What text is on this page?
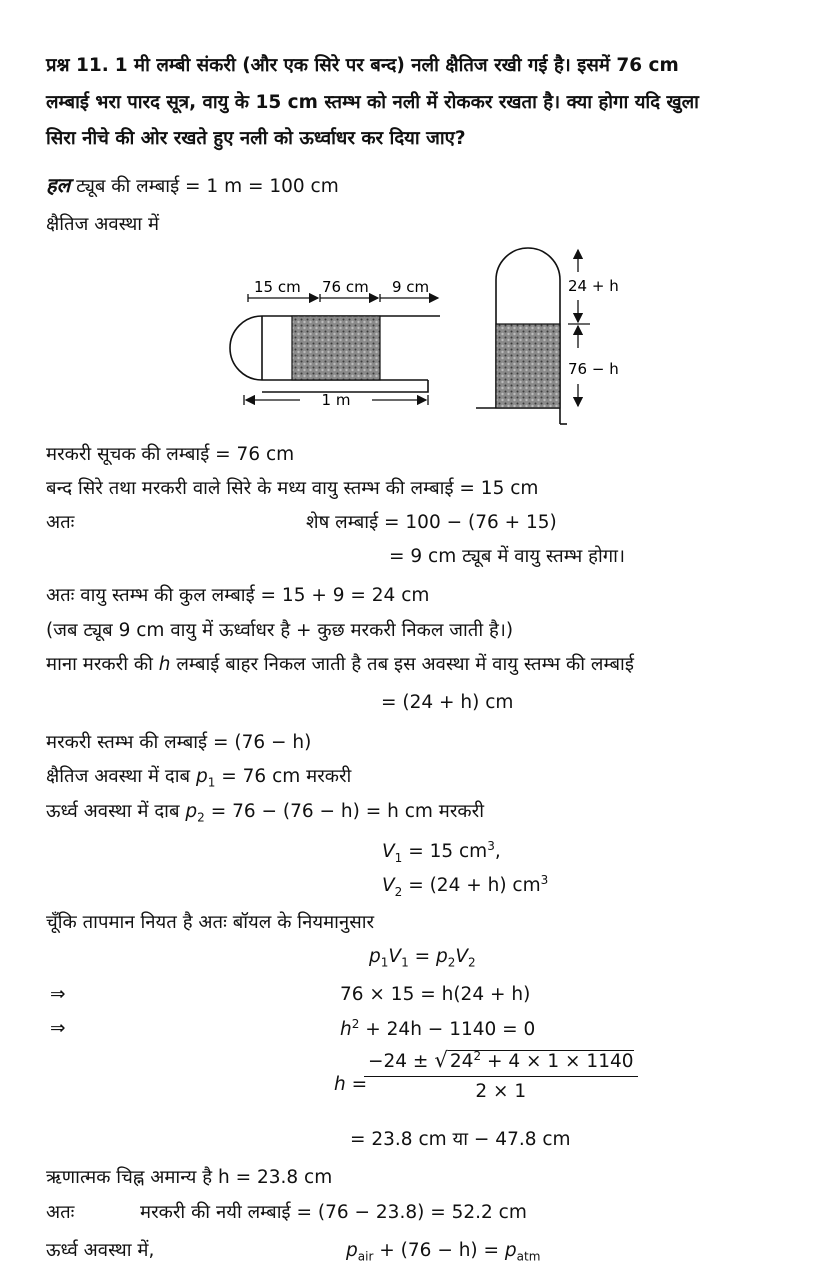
प्रश्न 11. 1 मी लम्बी संकरी (और एक सिरे पर बन्द) नली क्षैतिज रखी गई है। इसमें 76 cm
लम्बाई भरा पारद सूत्र, वायु के 15 cm स्तम्भ को नली में रोककर रखता है। क्या होगा यदि खुला
सिरा नीचे की ओर रखते हुए नली को ऊर्ध्वाधर कर दिया जाए?
हल ट्यूब की लम्बाई = 1 m = 100 cm
क्षैतिज अवस्था में
15 cm 76 cm 9 cm
1 m
24 + h
76 − h
मरकरी सूचक की लम्बाई = 76 cm
बन्द सिरे तथा मरकरी वाले सिरे के मध्य वायु स्तम्भ की लम्बाई = 15 cm
अतः	शेष लम्बाई = 100 − (76 + 15)
= 9 cm ट्यूब में वायु स्तम्भ होगा।
अतः वायु स्तम्भ की कुल लम्बाई = 15 + 9 = 24 cm
(जब ट्यूब 9 cm वायु में ऊर्ध्वाधर है + कुछ मरकरी निकल जाती है।)
माना मरकरी की h लम्बाई बाहर निकल जाती है तब इस अवस्था में वायु स्तम्भ की लम्बाई
= (24 + h) cm
मरकरी स्तम्भ की लम्बाई = (76 − h)
क्षैतिज अवस्था में दाब $p_1 = 76$ cm मरकरी
ऊर्ध्व अवस्था में दाब $p_2 = 76 - (76 - h) = h$ cm मरकरी
$V_1 = 15$ $cm^3$,
$V_2 = (24 + h)$ $cm^3$
चूँकि तापमान नियत है अतः बॉयल के नियमानुसार
$p_1V_1 = p_2V_2$
⇒	76 × 15 = h(24 + h)
⇒	$h^2 + 24h - 1140 = 0$
h =
$\frac{-24 \pm √ 24^2 + 4 \times 1 \times 1140}{2 \times 1}$
= 23.8 cm या − 47.8 cm
ऋणात्मक चिह्न अमान्य है h = 23.8 cm
अतः	मरकरी की नयी लम्बाई = (76 − 23.8) = 52.2 cm
ऊर्ध्व अवस्था में,	$p_{air} + (76 - h) = p_{atm}$
